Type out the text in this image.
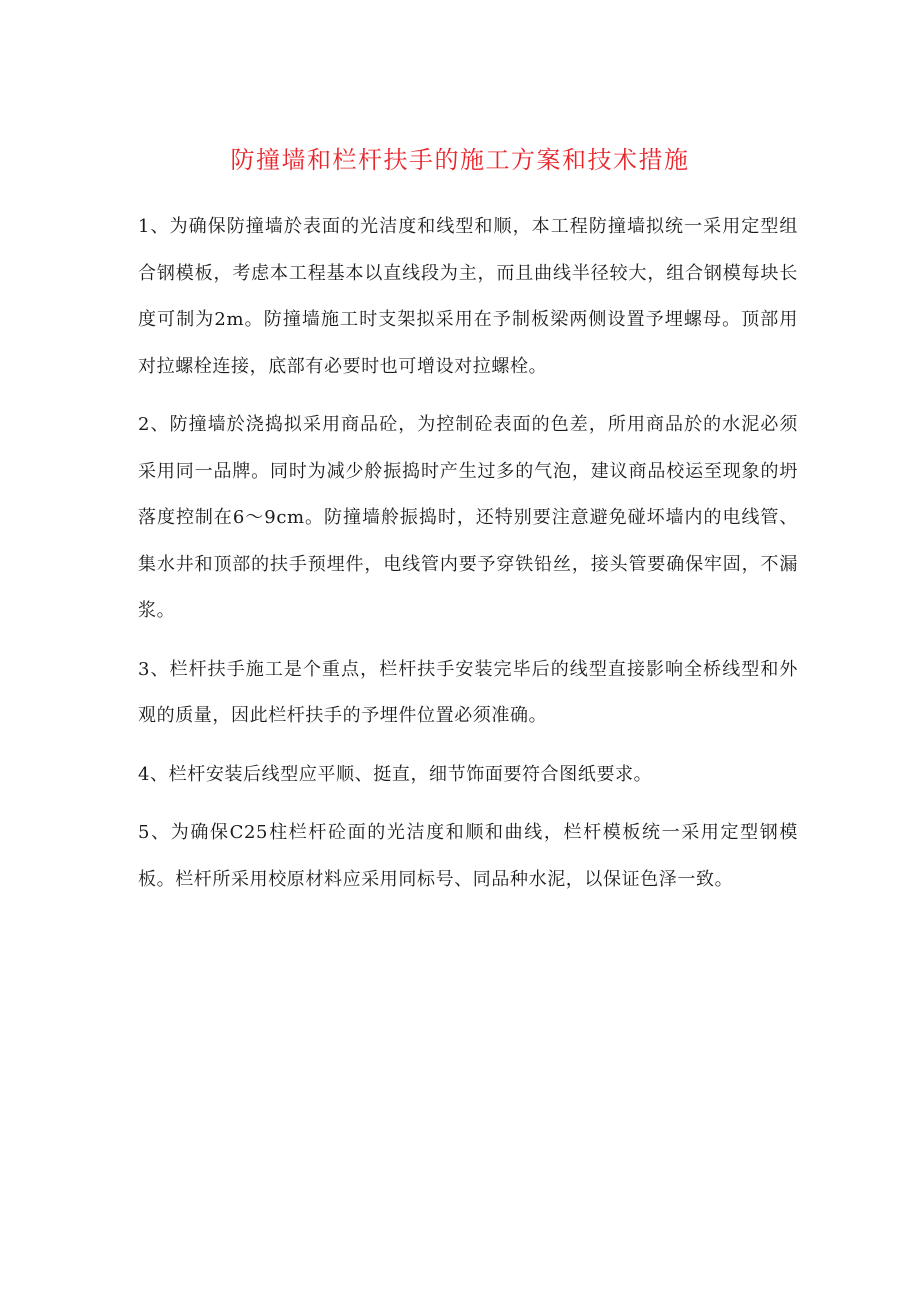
防撞墙和栏杆扶手的施工方案和技术措施

1、为确保防撞墙於表面的光洁度和线型和顺，本工程防撞墙拟统一采用定型组合钢模板，考虑本工程基本以直线段为主，而且曲线半径较大，组合钢模每块长度可制为2m。防撞墙施工时支架拟采用在予制板梁两侧设置予埋螺母。顶部用对拉螺栓连接，底部有必要时也可增设对拉螺栓。

2、防撞墙於浇捣拟采用商品砼，为控制砼表面的色差，所用商品於的水泥必须采用同一品牌。同时为减少舲振捣时产生过多的气泡，建议商品校运至现象的坍落度控制在6～9cm。防撞墙舲振捣时，还特别要注意避免碰坏墙内的电线管、集水井和顶部的扶手预埋件，电线管内要予穿铁铅丝，接头管要确保牢固，不漏浆。

3、栏杆扶手施工是个重点，栏杆扶手安装完毕后的线型直接影响全桥线型和外观的质量，因此栏杆扶手的予埋件位置必须准确。

4、栏杆安装后线型应平顺、挺直，细节饰面要符合图纸要求。

5、为确保C25柱栏杆砼面的光洁度和顺和曲线，栏杆模板统一采用定型钢模板。栏杆所采用校原材料应采用同标号、同品种水泥，以保证色泽一致。
